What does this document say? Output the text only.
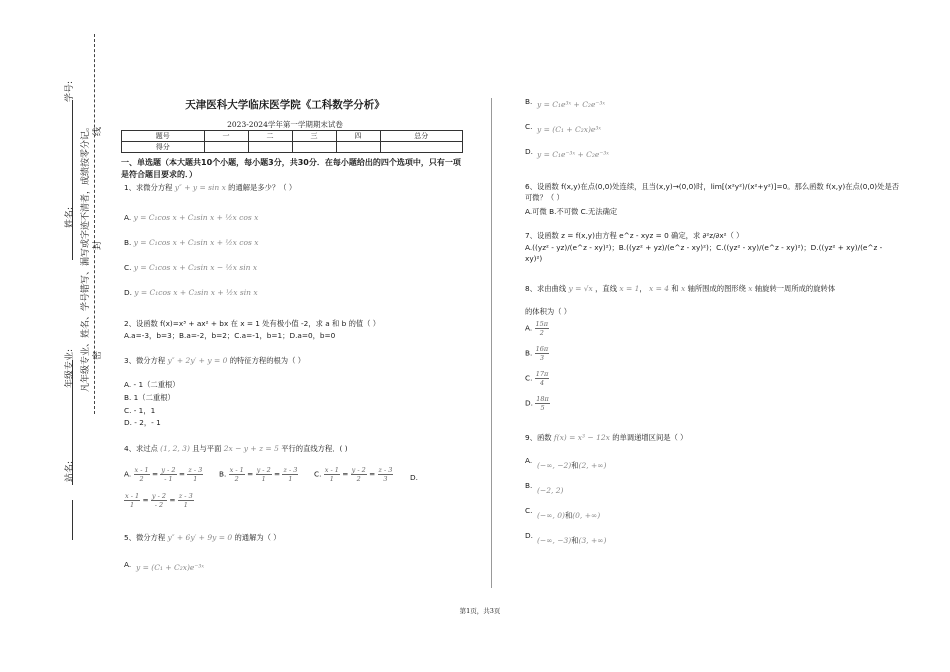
学号:
姓名:
年级专业:
站名:
凡年级专业、姓名、学号错写、漏写或字迹不清者，成绩按零分记。 密
封
线
天津医科大学临床医学院《工科数学分析》
2023-2024学年第一学期期末试卷
题号	一	二	三	四	总分
得分					
一、单选题（本大题共10个小题，每小题3分，共30分．在每小题给出的四个选项中，只有一项是符合题目要求的．）
1、求微分方程 y″ + y = sin x 的通解是多少？（ ）
A. y = C₁cos x + C₂sin x + ½x cos x
B. y = C₁cos x + C₂sin x + ½x cos x
C. y = C₁cos x + C₂sin x − ½x sin x
D. y = C₁cos x + C₂sin x + ½x sin x
2、设函数 f(x)=x³ + ax² + bx 在 x = 1 处有极小值 -2，求 a 和 b 的值（ ）
A.a=-3，b=3；B.a=-2，b=2；C.a=-1，b=1；D.a=0，b=0
3、微分方程 y″ + 2y′ + y = 0 的特征方程的根为（ ）
A. - 1（二重根）
B. 1（二重根）
C. - 1，1
D. - 2，- 1
4、求过点 (1, 2, 3) 且与平面 2x − y + z = 5 平行的直线方程．( )
A. $\frac{x - 1}{2} = \frac{y - 2}{- 1} = \frac{z - 3}{1} B$. $\frac{x - 1}{2} = \frac{y - 2}{1} = \frac{z - 3}{1} C$. $\frac{x - 1}{1} = \frac{y - 2}{2} = \frac{z - 3}{3} D$.
$\frac{x - 1}{1} = \frac{y - 2}{- 2} = \frac{z - 3}{1}$
5、微分方程 y″ + 6y′ + 9y = 0 的通解为（ ）
A. y = (C₁ + C₂x)e⁻³ˣ
B. y = C₁e³ˣ + C₂e⁻³ˣ
C. y = (C₁ + C₂x)e³ˣ
D. y = C₁e⁻³ˣ + C₂e⁻³ˣ
6、设函数 f(x,y)在点(0,0)处连续，且当(x,y)→(0,0)时，lim[(x²y²)/(x²+y²)]=0。那么函数 f(x,y)在点(0,0)处是否可微？（ ）
A.可微 B.不可微 C.无法确定
7、设函数 z = f(x,y)由方程 e^z - xyz = 0 确定，求 ∂²z/∂x²（ ）
A.((yz² - yz)/(e^z - xy)²)；B.((yz² + yz)/(e^z - xy)²)；C.((yz² - xy)/(e^z - xy)²)；D.((yz² + xy)/(e^z - xy)²)
8、求由曲线 y = √x ，直线 x = 1， x = 4 和 x 轴所围成的图形绕 x 轴旋转一周所成的旋转体
的体积为（ ）
A. $\frac{15\pi}{2}$
B. $\frac{16\pi}{3}$
C. $\frac{17\pi}{4}$
D. $\frac{18\pi}{5}$
9、函数 f(x) = x³ − 12x 的单调递增区间是（ ）
A.
(−∞, −2)和(2, +∞)
B.
(−2, 2)
C.
(−∞, 0)和(0, +∞)
D.
(−∞, −3)和(3, +∞)
第1页，共3页
